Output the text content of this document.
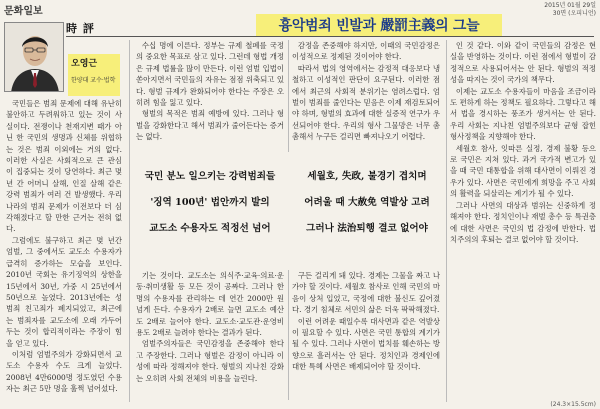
문화일보
2015년 01월 29일
30면 (오피니언)
時 評	흉악범죄 빈발과 嚴罰主義의 그늘
오영근
한양대 교수·법학

국민들은 범죄 문제에 대해 유난히 불안하고 두려워하고 있는 것이 사실이다. 전쟁이나 천재지변 때가 아닌 한 국민의 생명과 신체를 위협하는 것은 범죄 이외에는 거의 없다. 이러한 사실은 사회적으로 큰 관심이 집중되는 것이 당연하다. 최근 몇 년 간 어머니 살해, 인질 살해 같은 강력 범죄가 여러 건 발생했다. 우리나라의 범죄 문제가 이전보다 더 심각해졌다고 할 만한 근거는 전혀 없다.

그럼에도 불구하고 최근 몇 년간 엄벌, 그 중에서도 교도소 수용자가 급격히 증가하는 모습을 보인다. 2010년 국회는 유기징역의 상한을 15년에서 30년, 가중 시 25년에서 50년으로 높였다. 2013년에는 성범죄 친고죄가 폐지되었고, 최근에는 범죄자를 교도소에 오래 가두어 두는 것이 합리적이라는 주장이 힘을 얻고 있다.

이처럼 엄벌주의가 강화되면서 교도소 수용자 수도 크게 늘었다. 2008년 4만6000명 정도였던 수용자는 최근 5만 명을 훌쩍 넘어섰다.

수십 명에 이른다. 정부는 규제 철폐를 국정의 중요한 목표로 삼고 있다. 그런데 형법 개정은 규제 법률을 많이 만든다. 이런 엄벌 입법이 쏟아지면서 국민들의 자유는 점점 위축되고 있다. 형벌 규제가 완화되어야 한다는 주장은 오히려 힘을 잃고 있다.

형벌의 목적은 범죄 예방에 있다. 그러나 형벌을 강화한다고 해서 범죄가 줄어든다는 증거는 없다.

감정을 존중해야 하지만, 이때의 국민감정은 이성적으로 정제된 것이어야 한다.

따라서 법의 영역에서는 감정적 대응보다 냉철하고 이성적인 판단이 요구된다. 이러한 점에서 최근의 사회적 분위기는 염려스럽다. 엄벌이 범죄를 줄인다는 믿음은 이제 재검토되어야 하며, 형벌의 효과에 대한 실증적 연구가 우선되어야 한다. 우리의 형사 그물망은 너무 촘촘해서 누구든 걸리면 빠져나오기 어렵다.

국민 분노 일으키는 강력범죄들
'징역 100년' 법안까지 발의
교도소 수용자도 적정선 넘어
세월호, 失政, 불경기 겹치며
어려울 때 大赦免 역발상 고려
그러나 法治퇴행 결코 없어야

기는 것이다. 교도소는 의식주·교육·의료·운동·취미생활 등 모든 것이 공짜다. 그러나 한 명의 수용자를 관리하는 데 연간 2000만 원 넘게 든다. 수용자가 2배로 늘면 교도소 예산도 2배로 늘어야 한다. 교도소·교도관·운영비용도 2배로 늘려야 한다는 결과가 된다.

엄벌주의자들은 국민감정을 존중해야 한다고 주장한다. 그러나 형벌은 감정이 아니라 이성에 따라 정해져야 한다. 형벌의 지나친 강화는 오히려 사회 전체의 비용을 늘린다.

구든 걸리게 돼 있다. 경제는 그물을 짜고 나가야 할 것이다. 세월호 참사로 인해 국민의 마음이 상처 입었고, 국정에 대한 불신도 깊어졌다. 경기 침체로 서민의 삶은 더욱 팍팍해졌다.

이런 어려운 때일수록 대사면과 같은 역발상이 필요할 수 있다. 사면은 국민 통합의 계기가 될 수 있다. 그러나 사면이 법치를 훼손하는 방향으로 흘러서는 안 된다. 정치인과 경제인에 대한 특혜 사면은 배제되어야 할 것이다.

인 것 같다. 이와 같이 국민들의 감정은 현실을 반영하는 것이다. 이런 점에서 형벌이 감정적으로 사용되어서는 안 된다. 형벌의 적정성을 따지는 것이 국가의 책무다.

이제는 교도소 수용자들이 마음을 조금이라도 편하게 하는 정책도 필요하다. 그렇다고 해서 법을 경시하는 풍조가 생겨서는 안 된다. 우리 사회는 지나친 엄벌주의보다 균형 잡힌 형사정책을 지향해야 한다.

세월호 참사, 잇따른 실정, 경제 불황 등으로 국민은 지쳐 있다. 과거 국가적 변고가 있을 때 국민 대통합을 위해 대사면이 이뤄진 경우가 있다. 사면은 국민에게 희망을 주고 사회의 활력을 되살리는 계기가 될 수 있다.

그러나 사면의 대상과 범위는 신중하게 정해져야 한다. 정치인이나 재벌 총수 등 특권층에 대한 사면은 국민의 법 감정에 반한다. 법치주의의 후퇴는 결코 없어야 할 것이다.

(24.3×15.5cm)
